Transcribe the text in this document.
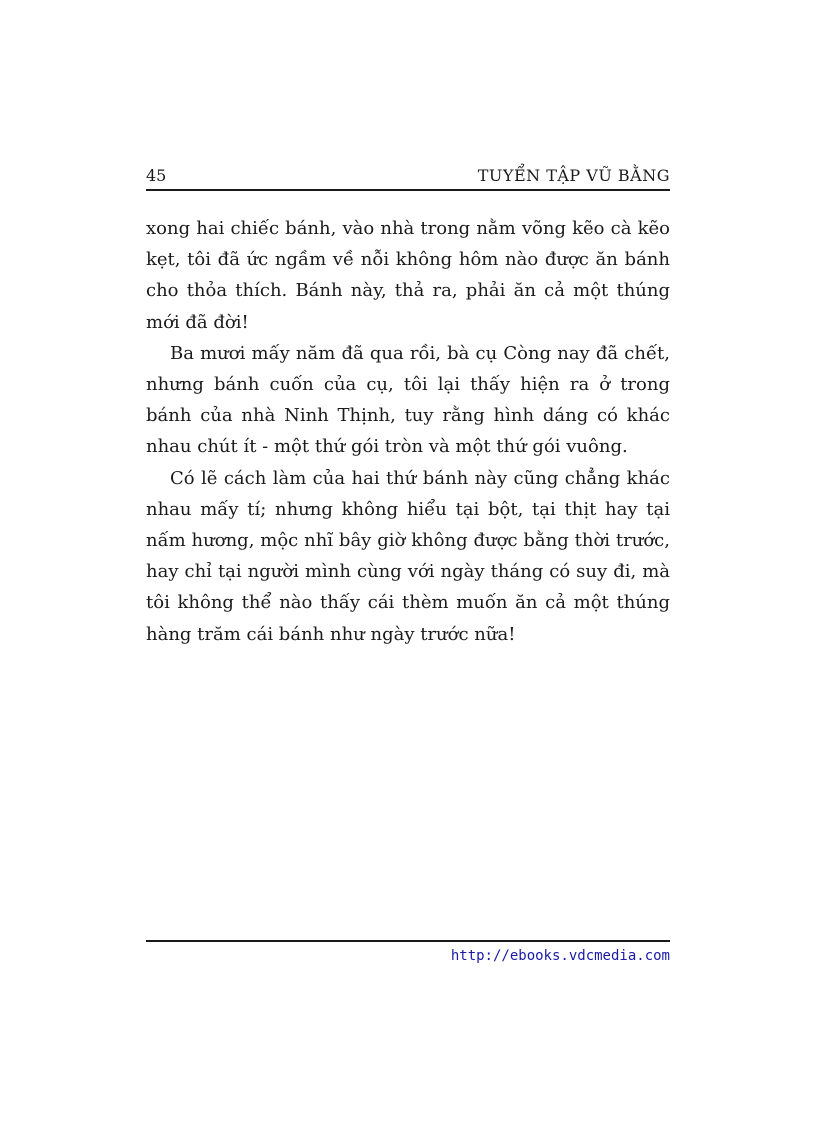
45	TUYỂN TẬP VŨ BẰNG

xong hai chiếc bánh, vào nhà trong nằm võng kẽo cà kẽo kẹt, tôi đã ức ngầm về nỗi không hôm nào được ăn bánh cho thỏa thích. Bánh này, thả ra, phải ăn cả một thúng mới đã đời!

Ba mươi mấy năm đã qua rồi, bà cụ Còng nay đã chết, nhưng bánh cuốn của cụ, tôi lại thấy hiện ra ở trong bánh của nhà Ninh Thịnh, tuy rằng hình dáng có khác nhau chút ít - một thứ gói tròn và một thứ gói vuông.

Có lẽ cách làm của hai thứ bánh này cũng chẳng khác nhau mấy tí; nhưng không hiểu tại bột, tại thịt hay tại nấm hương, mộc nhĩ bây giờ không được bằng thời trước, hay chỉ tại người mình cùng với ngày tháng có suy đi, mà tôi không thể nào thấy cái thèm muốn ăn cả một thúng hàng trăm cái bánh như ngày trước nữa!

http://ebooks.vdcmedia.com
